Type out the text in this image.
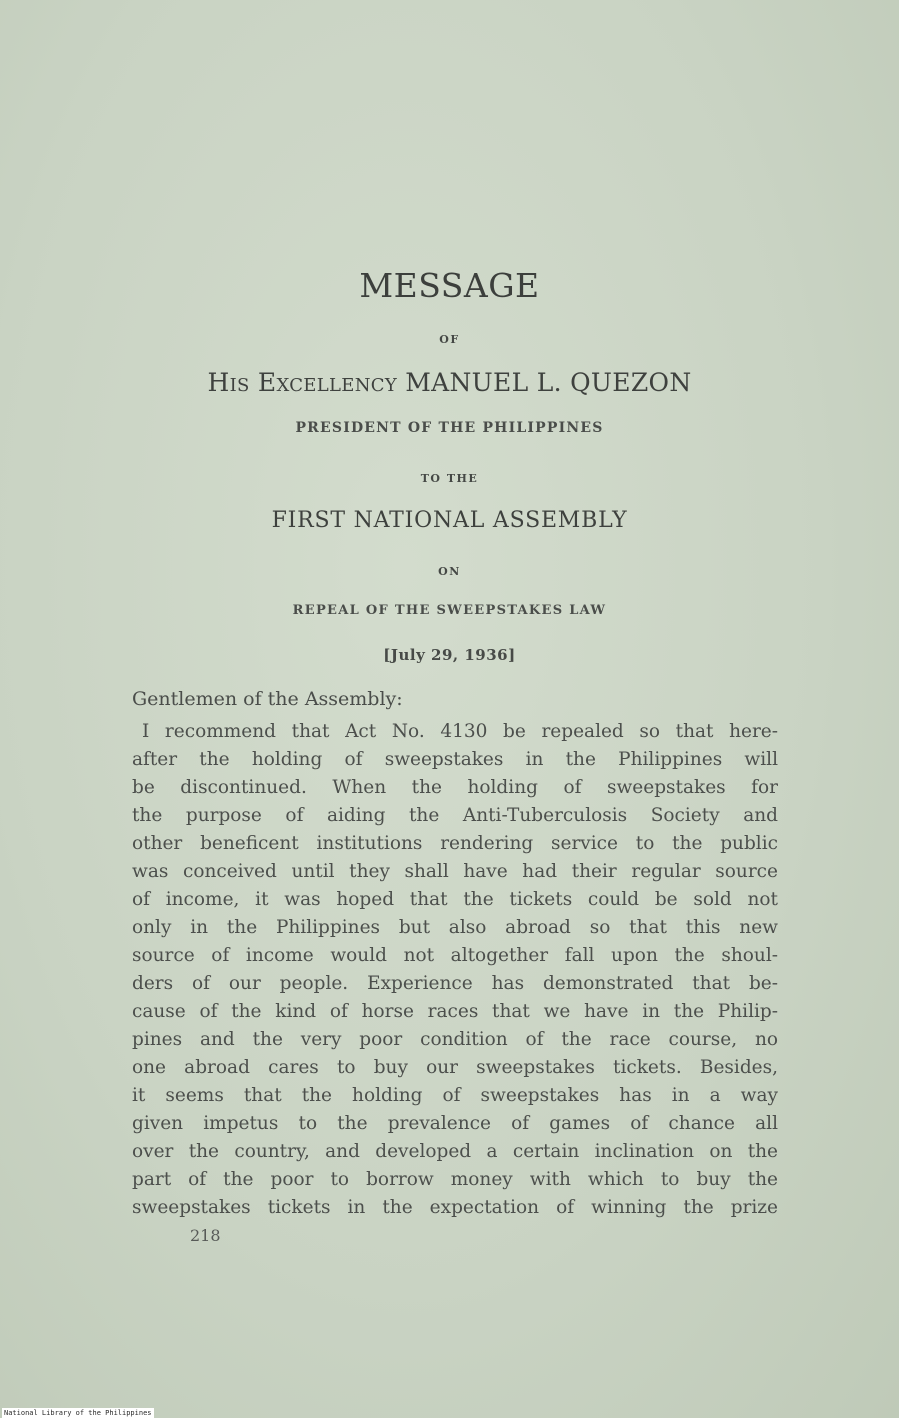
MESSAGE
OF
His Excellency MANUEL L. QUEZON
PRESIDENT OF THE PHILIPPINES
TO THE
FIRST NATIONAL ASSEMBLY
ON
REPEAL OF THE SWEEPSTAKES LAW
[July 29, 1936]
Gentlemen of the Assembly:
I recommend that Act No. 4130 be repealed so that here-
after the holding of sweepstakes in the Philippines will
be discontinued. When the holding of sweepstakes for
the purpose of aiding the Anti-Tuberculosis Society and
other beneficent institutions rendering service to the public
was conceived until they shall have had their regular source
of income, it was hoped that the tickets could be sold not
only in the Philippines but also abroad so that this new
source of income would not altogether fall upon the shoul-
ders of our people. Experience has demonstrated that be-
cause of the kind of horse races that we have in the Philip-
pines and the very poor condition of the race course, no
one abroad cares to buy our sweepstakes tickets. Besides,
it seems that the holding of sweepstakes has in a way
given impetus to the prevalence of games of chance all
over the country, and developed a certain inclination on the
part of the poor to borrow money with which to buy the
sweepstakes tickets in the expectation of winning the prize
218
National Library of the Philippines
